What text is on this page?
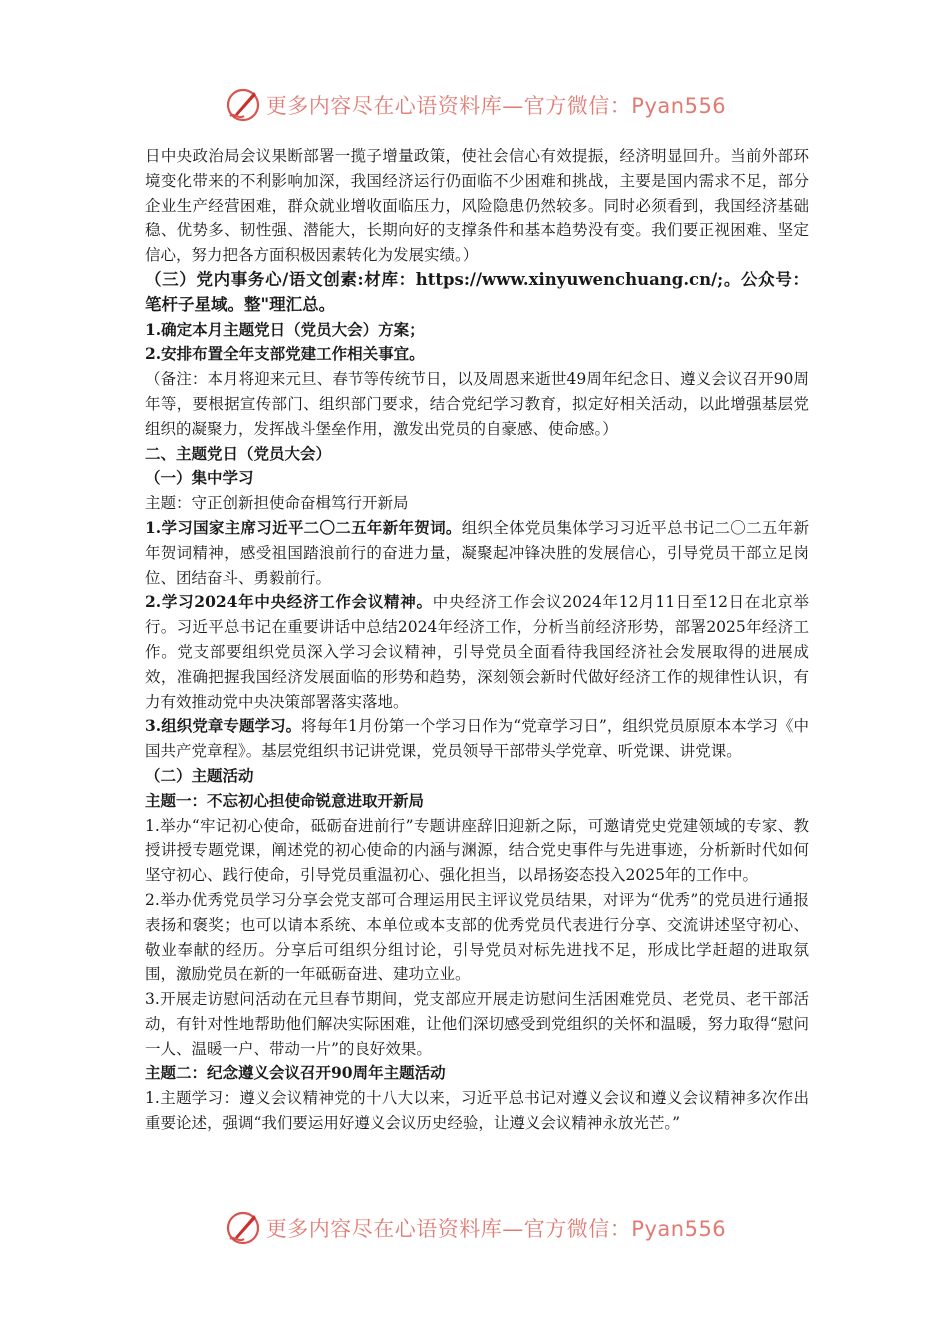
更多内容尽在心语资料库—官方微信：Pyan556

日中央政治局会议果断部署一揽子增量政策，使社会信心有效提振，经济明显回升。当前外部环境变化带来的不利影响加深，我国经济运行仍面临不少困难和挑战，主要是国内需求不足，部分企业生产经营困难，群众就业增收面临压力，风险隐患仍然较多。同时必须看到，我国经济基础稳、优势多、韧性强、潜能大，长期向好的支撑条件和基本趋势没有变。我们要正视困难、坚定信心，努力把各方面积极因素转化为发展实绩。）

（三）党内事务心/语文创素:材库：https://www.xinyuwenchuang.cn/;。公众号：笔杆子星域。整"理汇总。

1.确定本月主题党日（党员大会）方案；

2.安排布置全年支部党建工作相关事宜。

（备注：本月将迎来元旦、春节等传统节日，以及周恩来逝世49周年纪念日、遵义会议召开90周年等，要根据宣传部门、组织部门要求，结合党纪学习教育，拟定好相关活动，以此增强基层党组织的凝聚力，发挥战斗堡垒作用，激发出党员的自豪感、使命感。）

二、主题党日（党员大会）

（一）集中学习

主题：守正创新担使命奋楫笃行开新局

1.学习国家主席习近平二〇二五年新年贺词。组织全体党员集体学习习近平总书记二〇二五年新年贺词精神，感受祖国踏浪前行的奋进力量，凝聚起冲锋决胜的发展信心，引导党员干部立足岗位、团结奋斗、勇毅前行。

2.学习2024年中央经济工作会议精神。中央经济工作会议2024年12月11日至12日在北京举行。习近平总书记在重要讲话中总结2024年经济工作，分析当前经济形势，部署2025年经济工作。党支部要组织党员深入学习会议精神，引导党员全面看待我国经济社会发展取得的进展成效，准确把握我国经济发展面临的形势和趋势，深刻领会新时代做好经济工作的规律性认识，有力有效推动党中央决策部署落实落地。

3.组织党章专题学习。将每年1月份第一个学习日作为“党章学习日”，组织党员原原本本学习《中国共产党章程》。基层党组织书记讲党课，党员领导干部带头学党章、听党课、讲党课。

（二）主题活动

主题一：不忘初心担使命锐意进取开新局

1.举办“牢记初心使命，砥砺奋进前行”专题讲座辞旧迎新之际，可邀请党史党建领域的专家、教授讲授专题党课，阐述党的初心使命的内涵与渊源，结合党史事件与先进事迹，分析新时代如何坚守初心、践行使命，引导党员重温初心、强化担当，以昂扬姿态投入2025年的工作中。

2.举办优秀党员学习分享会党支部可合理运用民主评议党员结果，对评为“优秀”的党员进行通报表扬和褒奖；也可以请本系统、本单位或本支部的优秀党员代表进行分享、交流讲述坚守初心、敬业奉献的经历。分享后可组织分组讨论，引导党员对标先进找不足，形成比学赶超的进取氛围，激励党员在新的一年砥砺奋进、建功立业。

3.开展走访慰问活动在元旦春节期间，党支部应开展走访慰问生活困难党员、老党员、老干部活动，有针对性地帮助他们解决实际困难，让他们深切感受到党组织的关怀和温暖，努力取得“慰问一人、温暖一户、带动一片”的良好效果。

主题二：纪念遵义会议召开90周年主题活动

1.主题学习：遵义会议精神党的十八大以来，习近平总书记对遵义会议和遵义会议精神多次作出重要论述，强调“我们要运用好遵义会议历史经验，让遵义会议精神永放光芒。”

更多内容尽在心语资料库—官方微信：Pyan556
